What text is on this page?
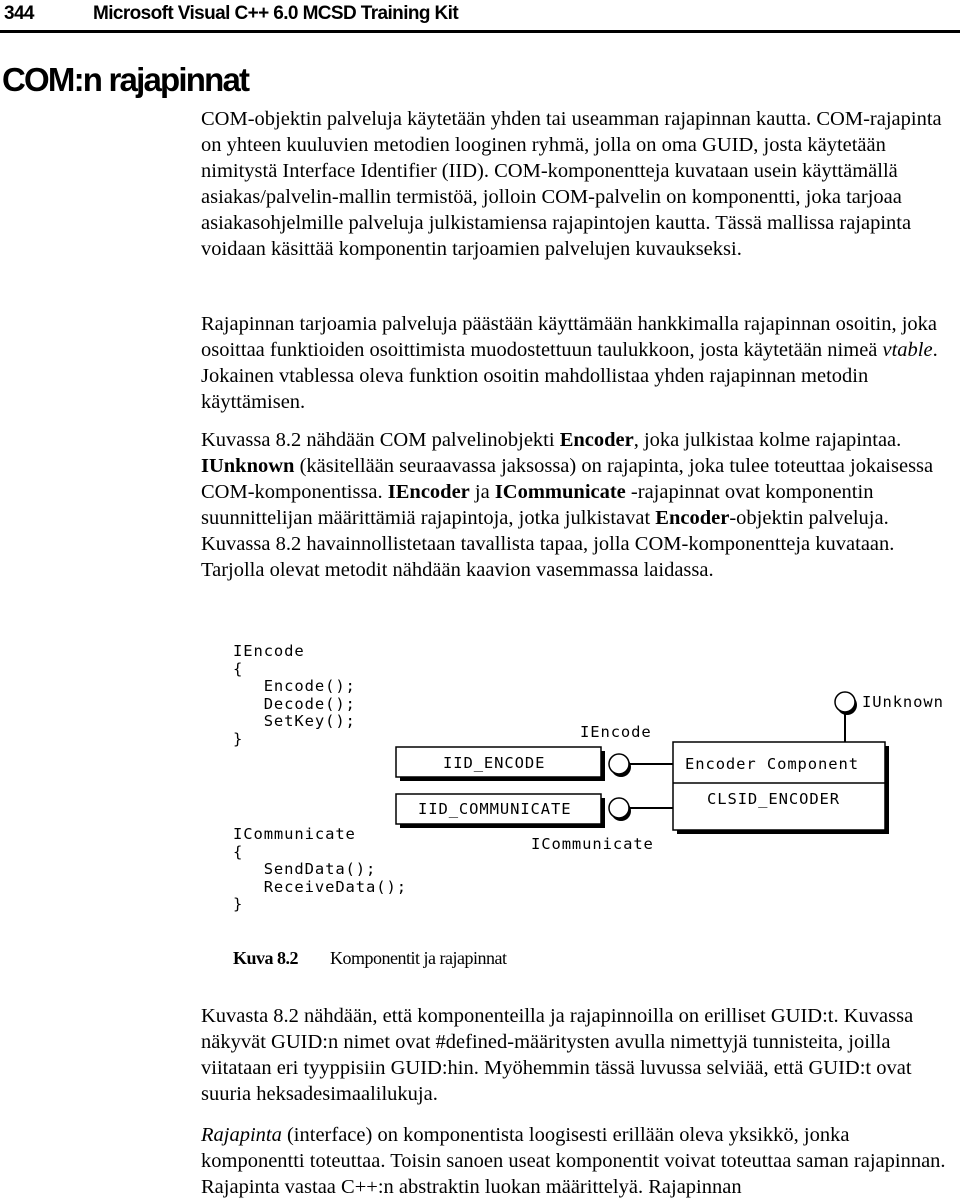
344	Microsoft Visual C++ 6.0 MCSD Training Kit
COM:n rajapinnat

COM-objektin palveluja käytetään yhden tai useamman rajapinnan kautta. COM-rajapinta on yhteen kuuluvien metodien looginen ryhmä, jolla on oma GUID, josta käytetään nimitystä Interface Identifier (IID). COM-komponentteja kuvataan usein käyttämällä asiakas/palvelin-mallin termistöä, jolloin COM-palvelin on komponentti, joka tarjoaa asiakasohjelmille palveluja julkistamiensa rajapintojen kautta. Tässä mallissa rajapinta voidaan käsittää komponentin tarjoamien palvelujen kuvaukseksi.

Rajapinnan tarjoamia palveluja päästään käyttämään hankkimalla rajapinnan osoitin, joka osoittaa funktioiden osoittimista muodostettuun taulukkoon, josta käytetään nimeä vtable. Jokainen vtablessa oleva funktion osoitin mahdollistaa yhden rajapinnan metodin käyttämisen.

Kuvassa 8.2 nähdään COM palvelinobjekti Encoder, joka julkistaa kolme rajapintaa. IUnknown (käsitellään seuraavassa jaksossa) on rajapinta, joka tulee toteuttaa jokaisessa COM-komponentissa. IEncoder ja ICommunicate -rajapinnat ovat komponentin suunnittelijan määrittämiä rajapintoja, jotka julkistavat Encoder-objektin palveluja. Kuvassa 8.2 havainnollistetaan tavallista tapaa, jolla COM-komponentteja kuvataan. Tarjolla olevat metodit nähdään kaavion vasemmassa laidassa.

IEncode
{
Encode();
Decode();
SetKey();
}
IUnknown
IEncode
IID_ENCODE	Encoder Component
CLSID_ENCODER
IID_COMMUNICATE
ICommunicate
ICommunicate
{
SendData();
ReceiveData();
}
Kuva 8.2 Komponentit ja rajapinnat

Kuvasta 8.2 nähdään, että komponenteilla ja rajapinnoilla on erilliset GUID:t. Kuvassa näkyvät GUID:n nimet ovat #defined-määritysten avulla nimettyjä tunnisteita, joilla viitataan eri tyyppisiin GUID:hin. Myöhemmin tässä luvussa selviää, että GUID:t ovat suuria heksadesimaalilukuja.

Rajapinta (interface) on komponentista loogisesti erillään oleva yksikkö, jonka komponentti toteuttaa. Toisin sanoen useat komponentit voivat toteuttaa saman rajapinnan. Rajapinta vastaa C++:n abstraktin luokan määrittelyä. Rajapinnan
